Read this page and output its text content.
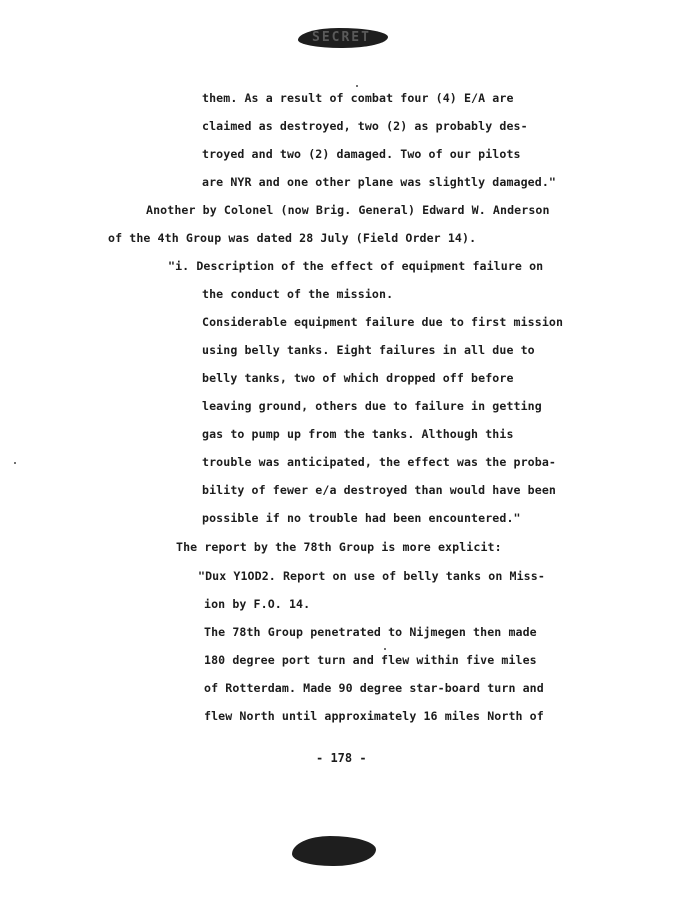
SECRET
them. As a result of combat four (4) E/A are
claimed as destroyed, two (2) as probably des-
troyed and two (2) damaged. Two of our pilots
are NYR and one other plane was slightly damaged."
Another by Colonel (now Brig. General) Edward W. Anderson
of the 4th Group was dated 28 July (Field Order 14).
"i. Description of the effect of equipment failure on
the conduct of the mission.
Considerable equipment failure due to first mission
using belly tanks. Eight failures in all due to
belly tanks, two of which dropped off before
leaving ground, others due to failure in getting
gas to pump up from the tanks. Although this
trouble was anticipated, the effect was the proba-
bility of fewer e/a destroyed than would have been
possible if no trouble had been encountered."
The report by the 78th Group is more explicit:
"Dux Y1OD2. Report on use of belly tanks on Miss-
ion by F.O. 14.
The 78th Group penetrated to Nijmegen then made
180 degree port turn and flew within five miles
of Rotterdam. Made 90 degree star-board turn and
flew North until approximately 16 miles North of
- 178 -
